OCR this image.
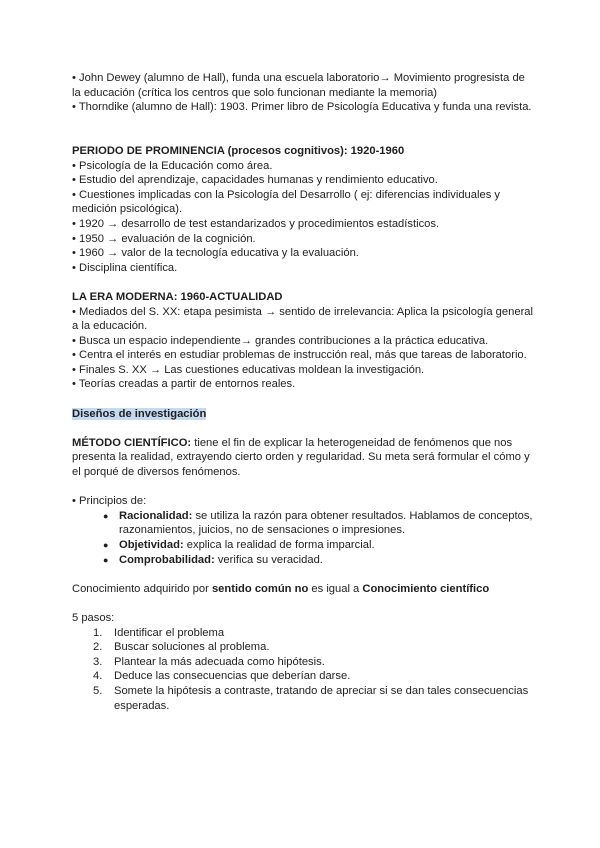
• John Dewey (alumno de Hall), funda una escuela laboratorio→ Movimiento progresista de la educación (crítica los centros que solo funcionan mediante la memoria)

• Thorndike (alumno de Hall): 1903. Primer libro de Psicología Educativa y funda una revista.

PERIODO DE PROMINENCIA (procesos cognitivos): 1920-1960

• Psicología de la Educación como área.

• Estudio del aprendizaje, capacidades humanas y rendimiento educativo.

• Cuestiones implicadas con la Psicología del Desarrollo ( ej: diferencias individuales y medición psicológica).

• 1920 → desarrollo de test estandarizados y procedimientos estadísticos.

• 1950 → evaluación de la cognición.

• 1960 → valor de la tecnología educativa y la evaluación.

• Disciplina científica.

LA ERA MODERNA: 1960-ACTUALIDAD

• Mediados del S. XX: etapa pesimista → sentido de irrelevancia: Aplica la psicología general a la educación.

• Busca un espacio independiente→ grandes contribuciones a la práctica educativa.

• Centra el interés en estudiar problemas de instrucción real, más que tareas de laboratorio.

• Finales S. XX → Las cuestiones educativas moldean la investigación.

• Teorías creadas a partir de entornos reales.

Diseños de investigación

MÉTODO CIENTÍFICO: tiene el fin de explicar la heterogeneidad de fenómenos que nos presenta la realidad, extrayendo cierto orden y regularidad. Su meta será formular el cómo y el porqué de diversos fenómenos.

• Principios de:

● Racionalidad: se utiliza la razón para obtener resultados. Hablamos de conceptos, razonamientos, juicios, no de sensaciones o impresiones.
● Objetividad: explica la realidad de forma imparcial.
● Comprobabilidad: verifica su veracidad.

Conocimiento adquirido por sentido común no es igual a Conocimiento científico

5 pasos:

1. Identificar el problema
2. Buscar soluciones al problema.
3. Plantear la más adecuada como hipótesis.
4. Deduce las consecuencias que deberían darse.
5. Somete la hipótesis a contraste, tratando de apreciar si se dan tales consecuencias esperadas.
